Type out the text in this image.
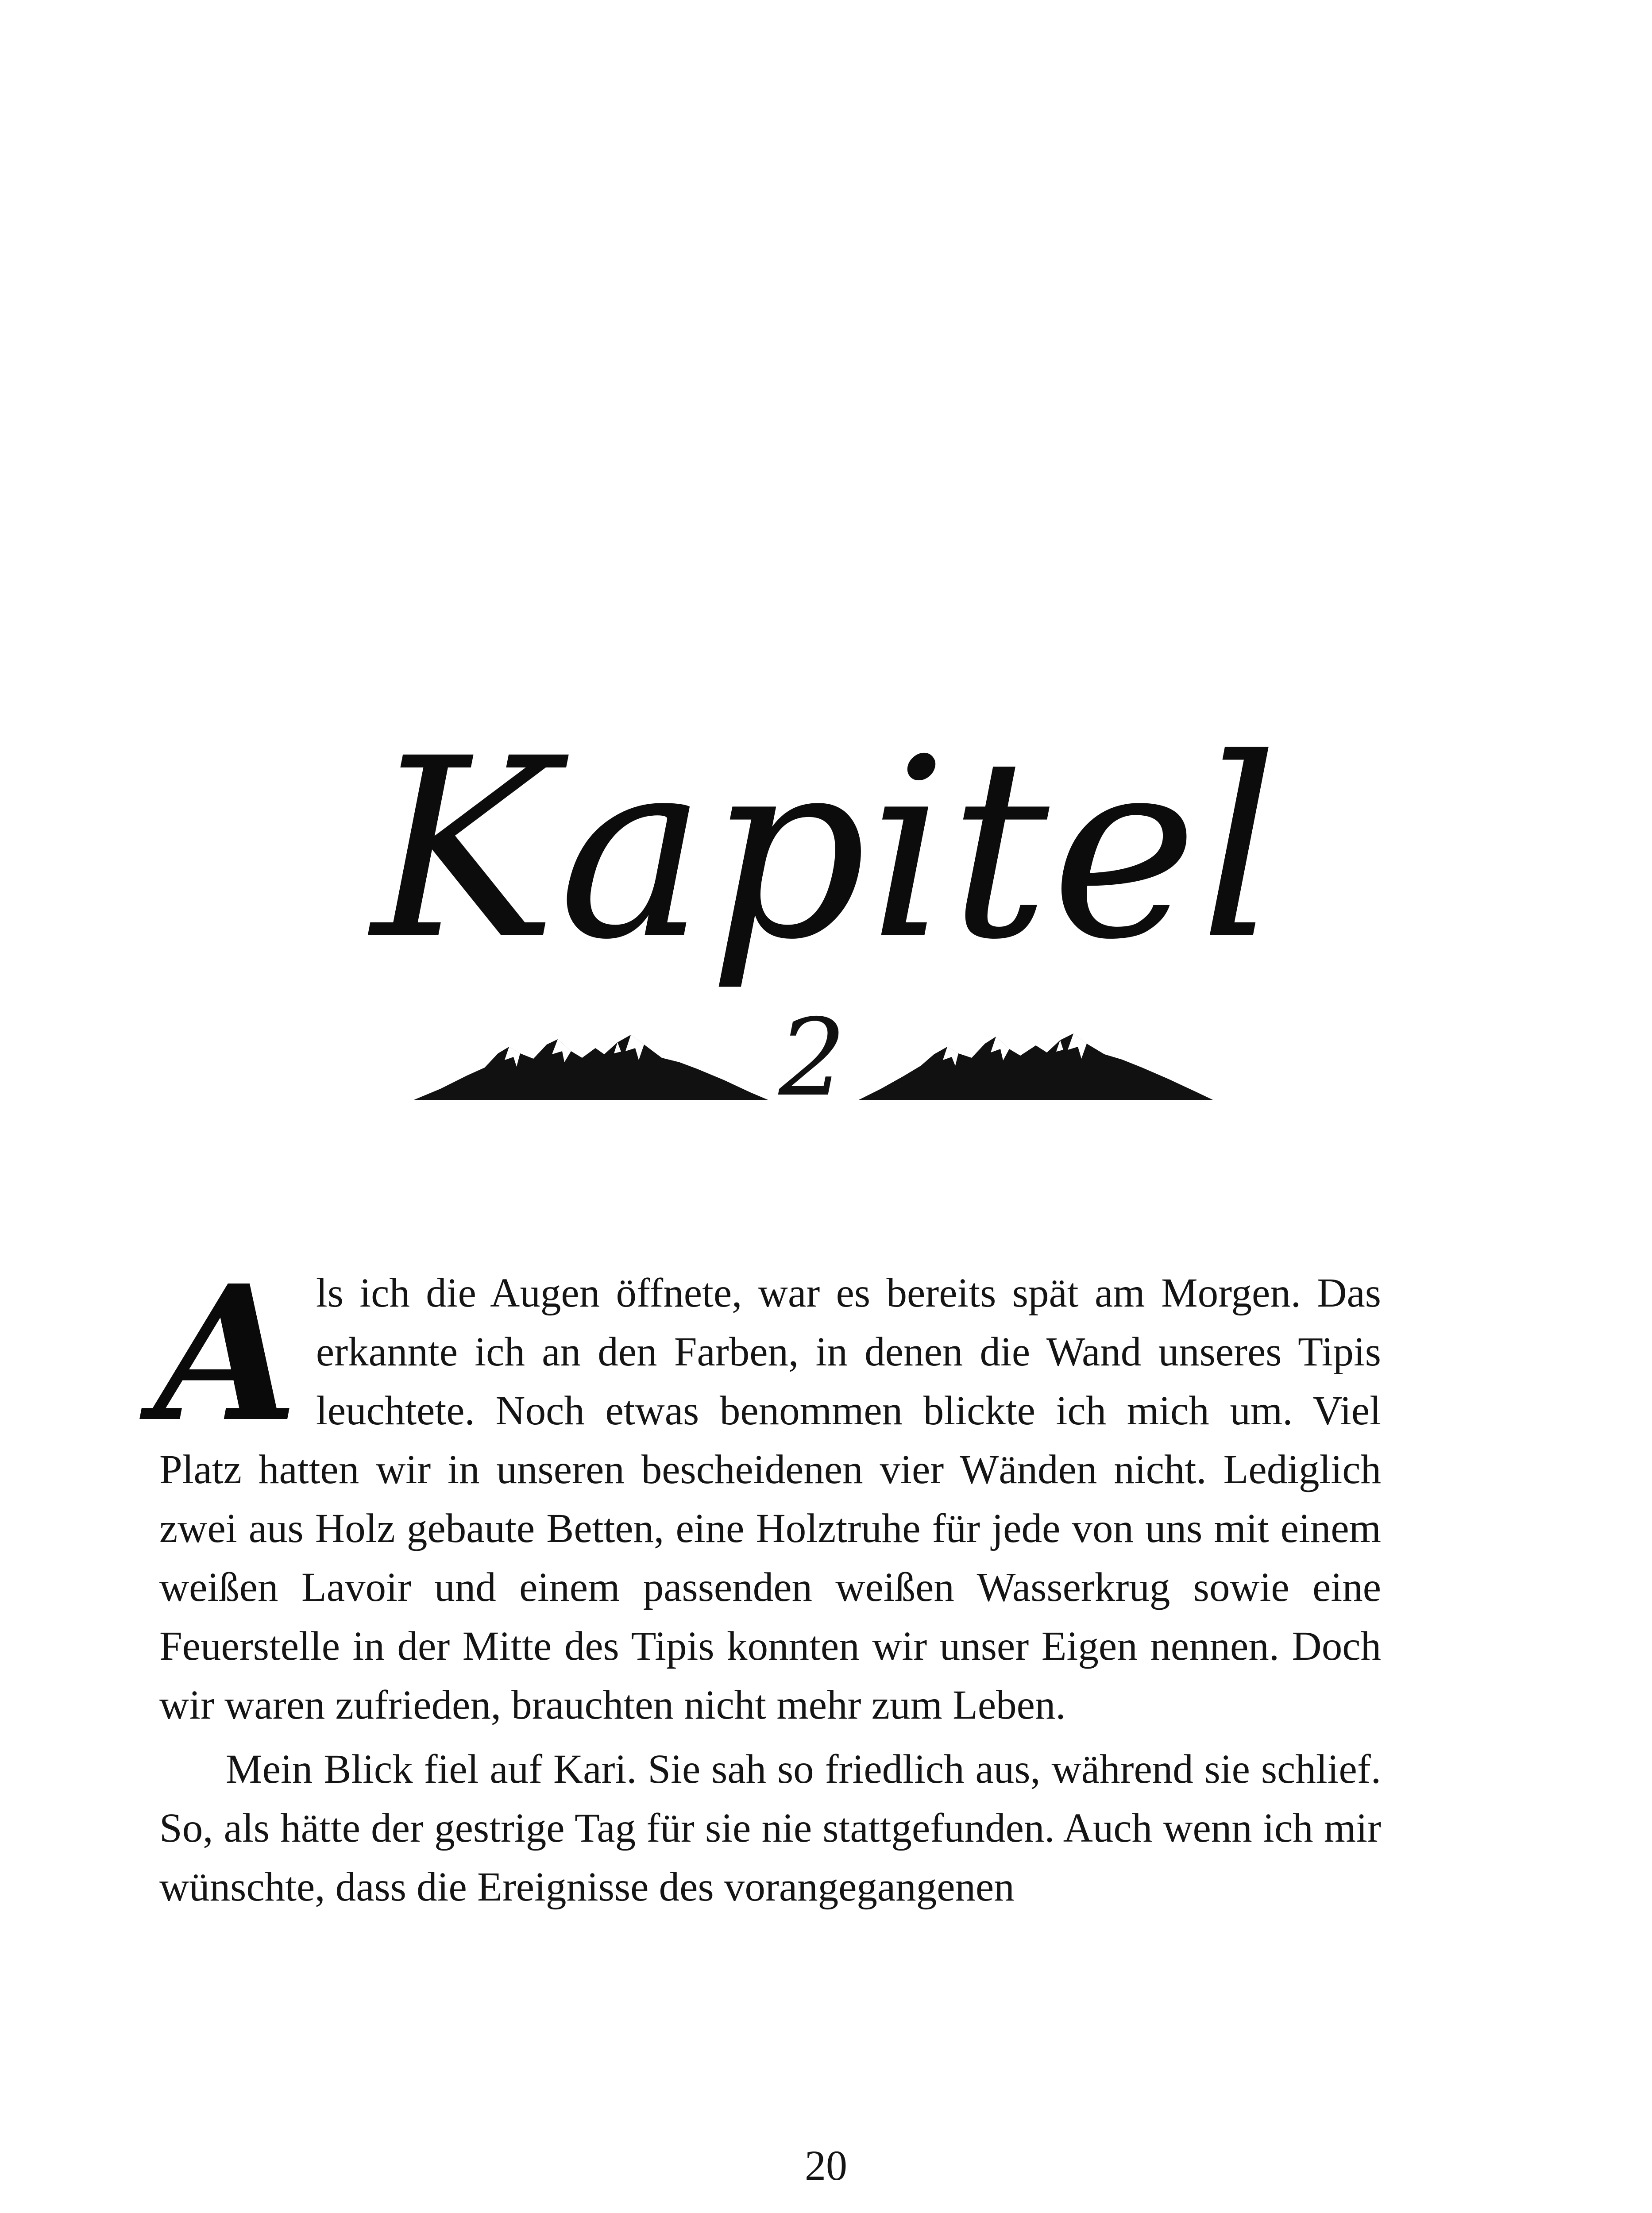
Kapitel
2

Als ich die Augen öffnete, war es bereits spät am Morgen. Das erkannte ich an den Farben, in denen die Wand unseres Tipis leuchtete. Noch etwas benommen blickte ich mich um. Viel Platz hatten wir in unseren bescheidenen vier Wänden nicht. Lediglich zwei aus Holz gebaute Betten, eine Holztruhe für jede von uns mit einem weißen Lavoir und einem passenden weißen Wasserkrug sowie eine Feuerstelle in der Mitte des Tipis konnten wir unser Eigen nennen. Doch wir waren zufrieden, brauchten nicht mehr zum Leben.

Mein Blick fiel auf Kari. Sie sah so friedlich aus, während sie schlief. So, als hätte der gestrige Tag für sie nie stattgefunden. Auch wenn ich mir wünschte, dass die Ereignisse des vorangegangenen

20
